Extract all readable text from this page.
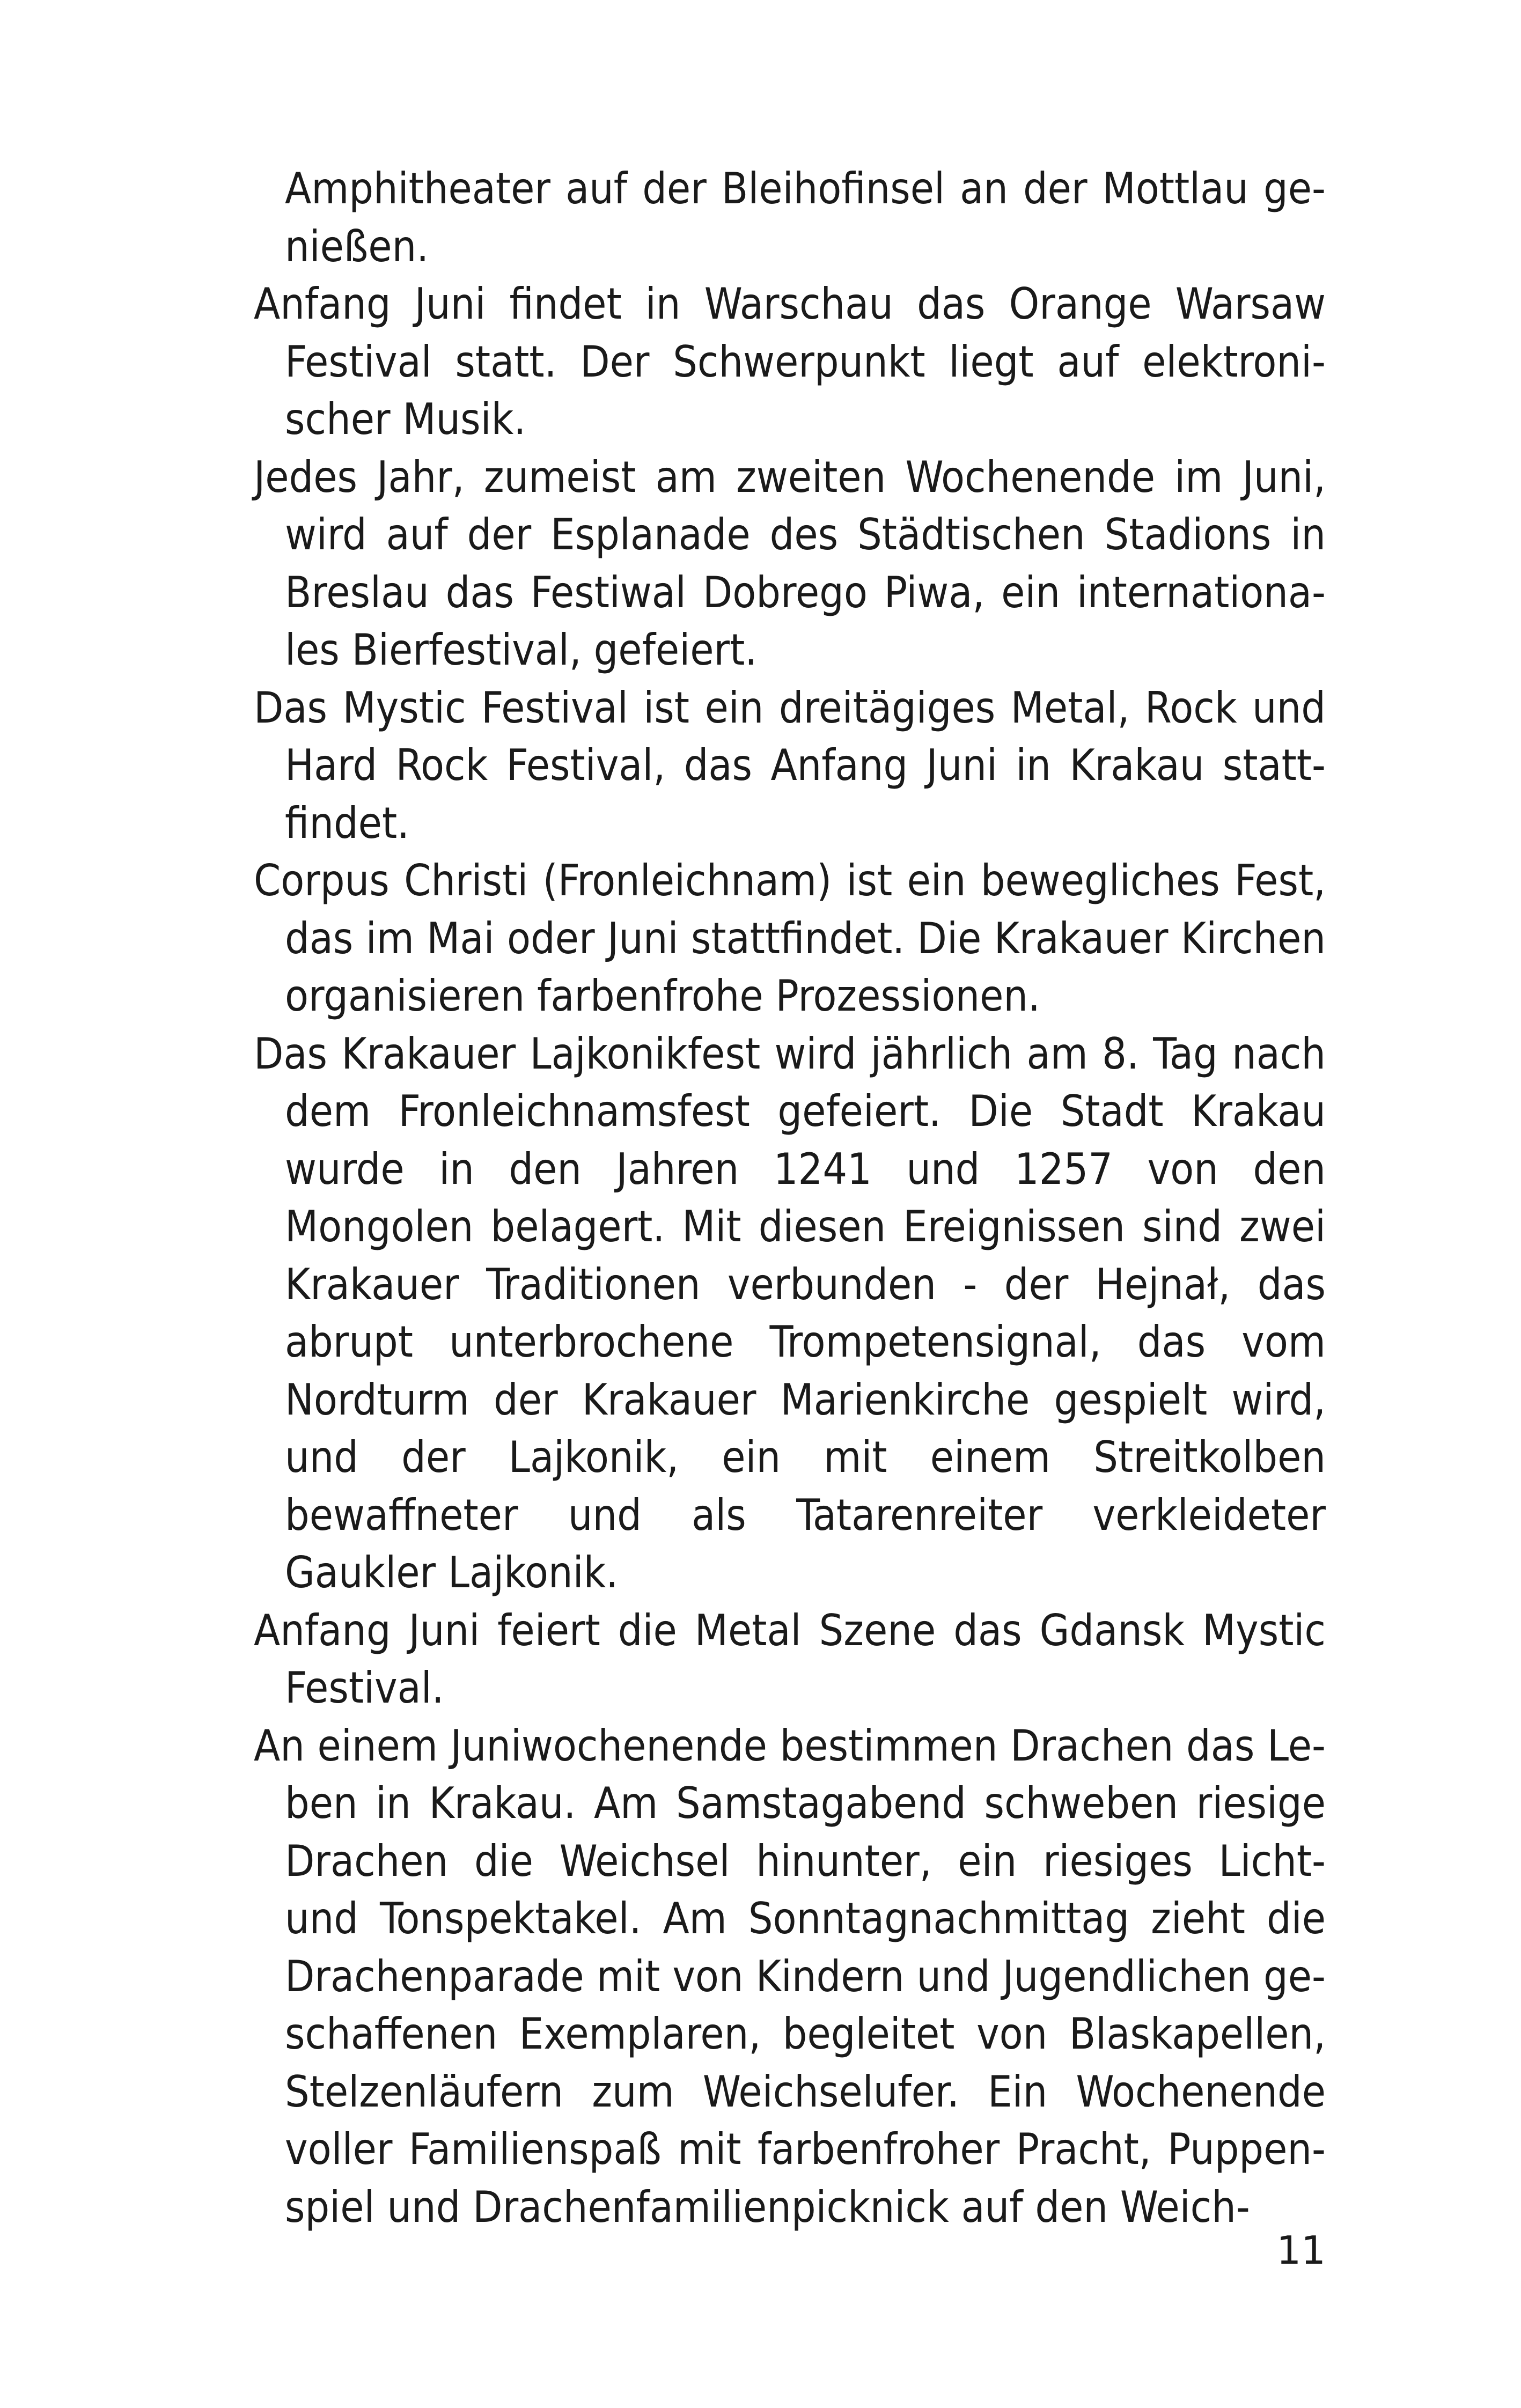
Amphitheater auf der Bleihofinsel an der Mottlau genießen.

Anfang Juni findet in Warschau das Orange Warsaw Festival statt. Der Schwerpunkt liegt auf elektronischer Musik.

Jedes Jahr, zumeist am zweiten Wochenende im Juni, wird auf der Esplanade des Städtischen Stadions in Breslau das Festiwal Dobrego Piwa, ein internationales Bierfestival, gefeiert.

Das Mystic Festival ist ein dreitägiges Metal, Rock und Hard Rock Festival, das Anfang Juni in Krakau stattfindet.

Corpus Christi (Fronleichnam) ist ein bewegliches Fest, das im Mai oder Juni stattfindet. Die Krakauer Kirchen organisieren farbenfrohe Prozessionen.

Das Krakauer Lajkonikfest wird jährlich am 8. Tag nach dem Fronleichnamsfest gefeiert. Die Stadt Krakau wurde in den Jahren 1241 und 1257 von den Mongolen belagert. Mit diesen Ereignissen sind zwei Krakauer Traditionen verbunden - der Hejnał, das abrupt unterbrochene Trompetensignal, das vom Nordturm der Krakauer Marienkirche gespielt wird, und der Lajkonik, ein mit einem Streitkolben bewaffneter und als Tatarenreiter verkleideter Gaukler Lajkonik.

Anfang Juni feiert die Metal Szene das Gdansk Mystic Festival.

An einem Juniwochenende bestimmen Drachen das Leben in Krakau. Am Samstagabend schweben riesige Drachen die Weichsel hinunter, ein riesiges Licht- und Tonspektakel. Am Sonntagnachmittag zieht die Drachenparade mit von Kindern und Jugendlichen geschaffenen Exemplaren, begleitet von Blaskapellen, Stelzenläufern zum Weichselufer. Ein Wochenende voller Familienspaß mit farbenfroher Pracht, Puppenspiel und Drachenfamilienpicknick auf den Weich-

11
